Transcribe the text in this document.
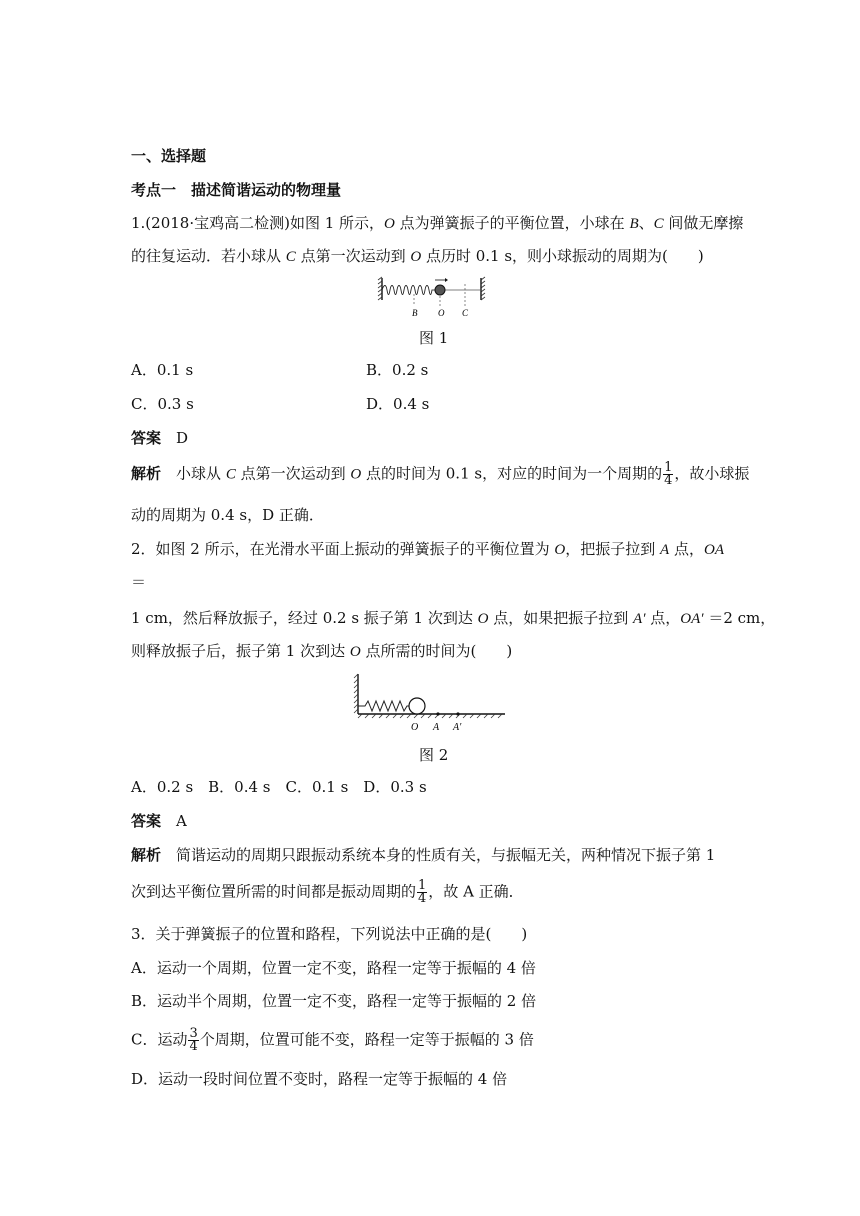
一、选择题
考点一　描述简谐运动的物理量
1.(2018·宝鸡高二检测)如图 1 所示，O 点为弹簧振子的平衡位置，小球在 B、C 间做无摩擦
的往复运动．若小球从 C 点第一次运动到 O 点历时 0.1 s，则小球振动的周期为(　　)
B O C
图 1
A．0.1 s	B．0.2 s
C．0.3 s	D．0.4 s
答案　 D
解析　 小球从 C 点第一次运动到 O 点的时间为 0.1 s，对应的时间为一个周期的 $\frac{1}{4}$ ，故小球振
动的周期为 0.4 s，D 正确．
2．如图 2 所示，在光滑水平面上振动的弹簧振子的平衡位置为 O，把振子拉到 A 点，OA
＝
1 cm，然后释放振子，经过 0.2 s 振子第 1 次到达 O 点，如果把振子拉到 A′ 点，OA′ ＝2 cm，
则释放振子后，振子第 1 次到达 O 点所需的时间为(　　)
O A A′
图 2
A．0.2 s　B．0.4 s　C．0.1 s　D．0.3 s
答案　 A
解析　 简谐运动的周期只跟振动系统本身的性质有关，与振幅无关，两种情况下振子第 1
次到达平衡位置所需的时间都是振动周期的 $\frac{1}{4}$ ，故 A 正确．
3．关于弹簧振子的位置和路程，下列说法中正确的是(　　)
A．运动一个周期，位置一定不变，路程一定等于振幅的 4 倍
B．运动半个周期，位置一定不变，路程一定等于振幅的 2 倍
C．运动 $\frac{3}{4}$ 个周期，位置可能不变，路程一定等于振幅的 3 倍
D．运动一段时间位置不变时，路程一定等于振幅的 4 倍
